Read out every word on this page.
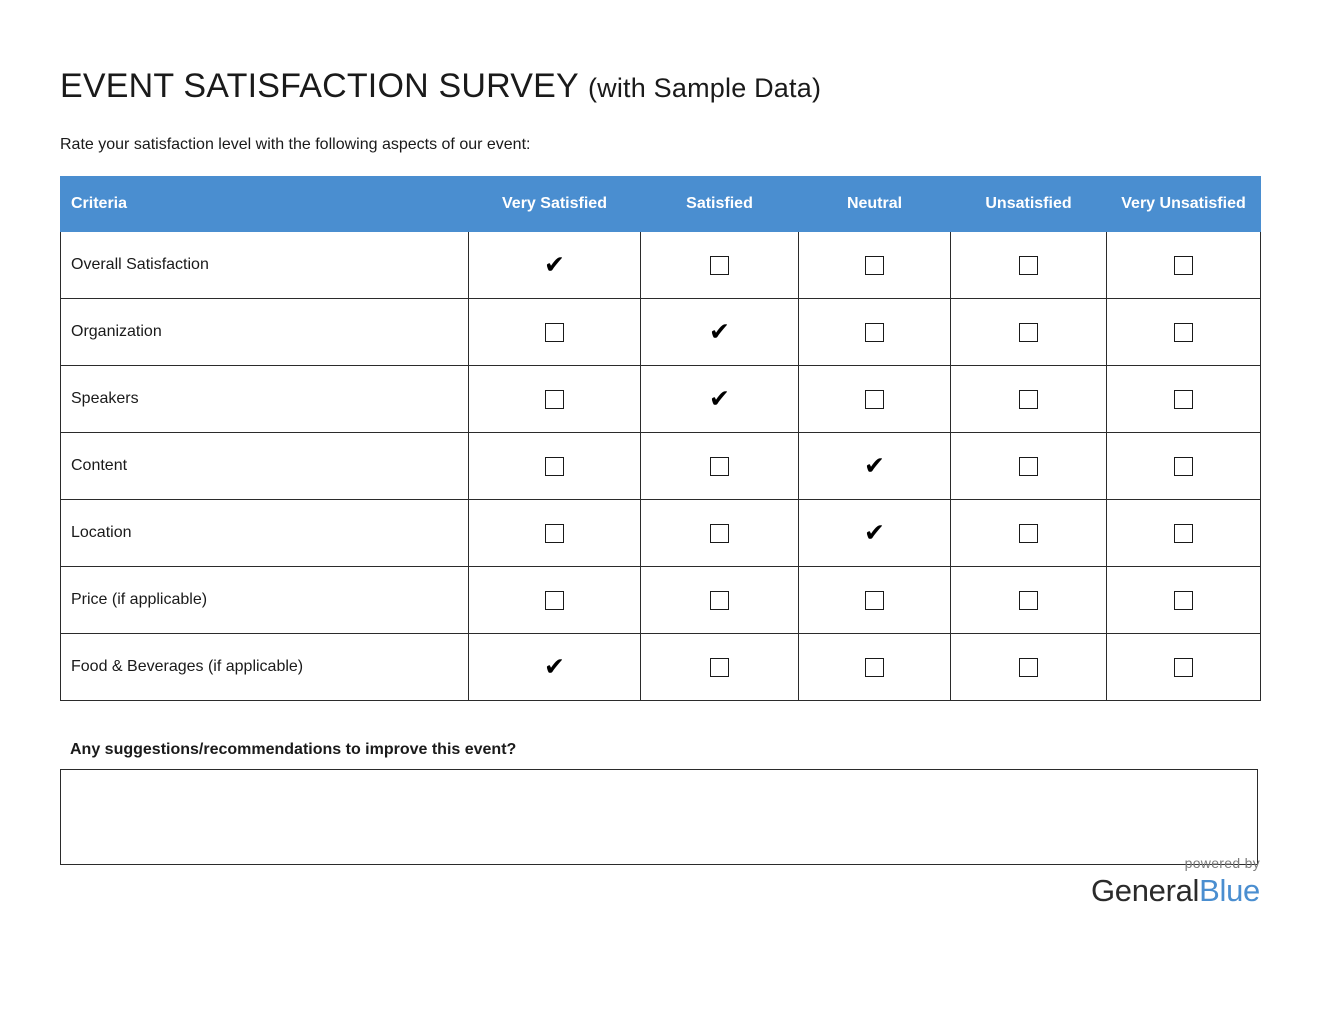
EVENT SATISFACTION SURVEY (with Sample Data)
Rate your satisfaction level with the following aspects of our event:
Criteria	Very Satisfied	Satisfied	Neutral	Unsatisfied	Very Unsatisfied
Overall Satisfaction	✔				
Organization		✔			
Speakers		✔			
Content			✔		
Location			✔		
Price (if applicable)					
Food & Beverages (if applicable)	✔				
Any suggestions/recommendations to improve this event?
powered by
GeneralBlue
